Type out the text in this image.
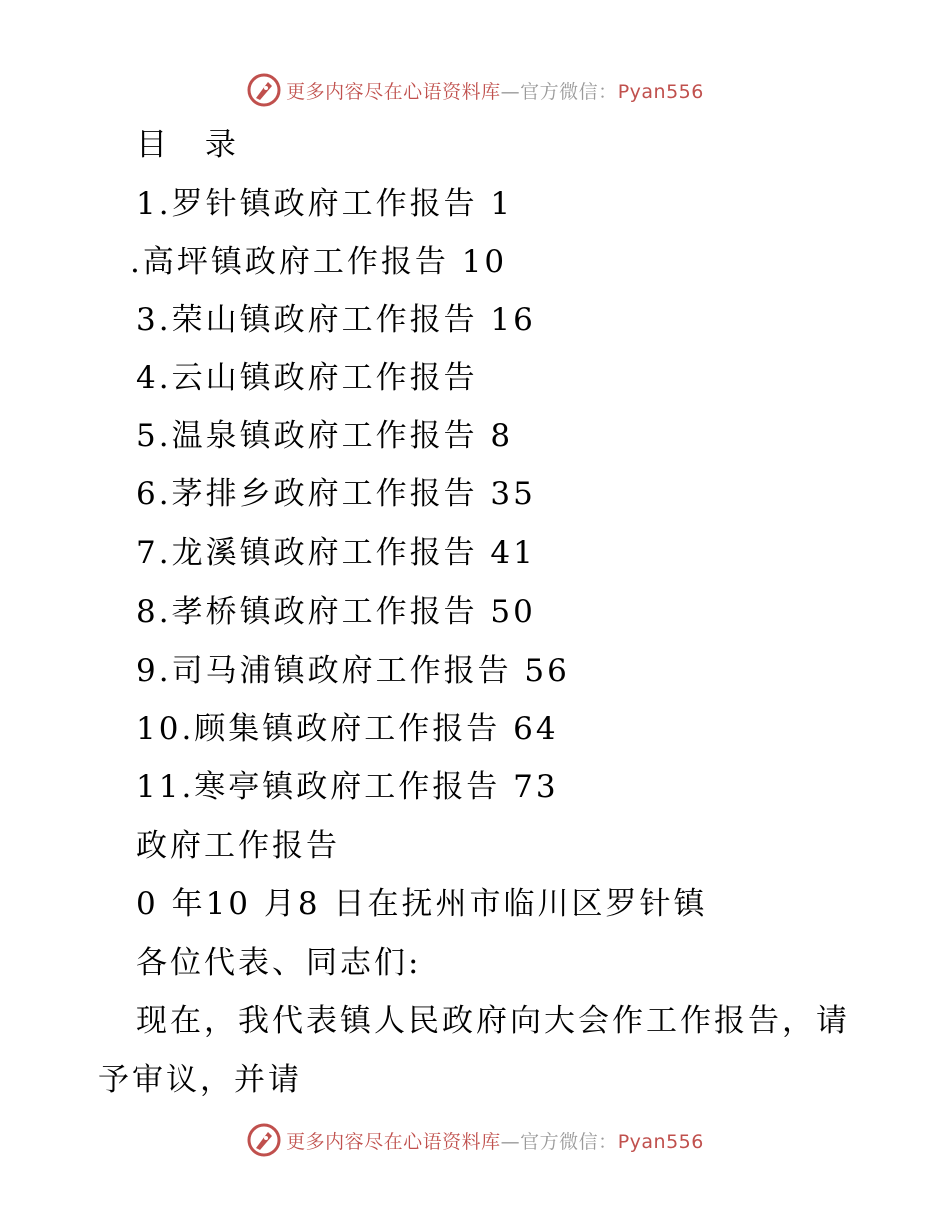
更多内容尽在心语资料库—官方微信：Pyan556
目 录
1.罗针镇政府工作报告 1
.高坪镇政府工作报告 10
3.荣山镇政府工作报告 16
4.云山镇政府工作报告
5.温泉镇政府工作报告 8
6.茅排乡政府工作报告 35
7.龙溪镇政府工作报告 41
8.孝桥镇政府工作报告 50
9.司马浦镇政府工作报告 56
10.顾集镇政府工作报告 64
11.寒亭镇政府工作报告 73
政府工作报告
0 年10 月8 日在抚州市临川区罗针镇
各位代表、同志们:
现在，我代表镇人民政府向大会作工作报告，请
予审议，并请
更多内容尽在心语资料库—官方微信：Pyan556
